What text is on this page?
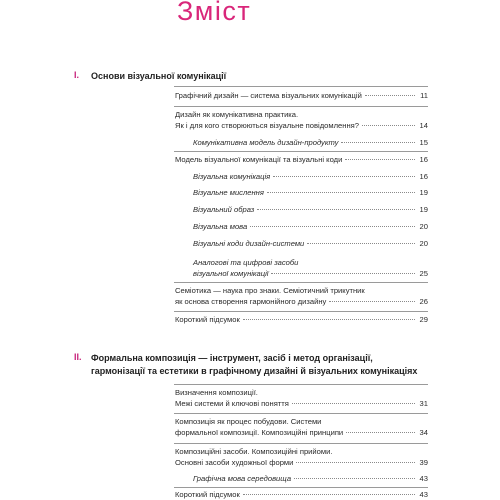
Зміст
I. Основи візуальної комунікації
Графічний дизайн — система візуальних комунікацій	11
Дизайн як комунікативна практика.
Як і для кого створюються візуальне повідомлення?	14
Комунікативна модель дизайн-продукту	15
Модель візуальної комунікації та візуальні коди	16
Візуальна комунікація	16
Візуальне мислення	19
Візуальний образ	19
Візуальна мова	20
Візуальні коди дизайн-системи	20
Аналогові та цифрові засоби
візуальної комунікації	25
Семіотика — наука про знаки. Семіотичний трикутник
як основа створення гармонійного дизайну	26
Короткий підсумок	29
II. Формальна композиція — інструмент, засіб і метод організації,
гармонізації та естетики в графічному дизайні й візуальних комунікаціях
Визначення композиції.
Межі системи й ключові поняття	31
Композиція як процес побудови. Системи
формальної композиції. Композиційні принципи	34
Композиційні засоби. Композиційні прийоми.
Основні засоби художньої форми	39
Графічна мова середовища	43
Короткий підсумок	43
